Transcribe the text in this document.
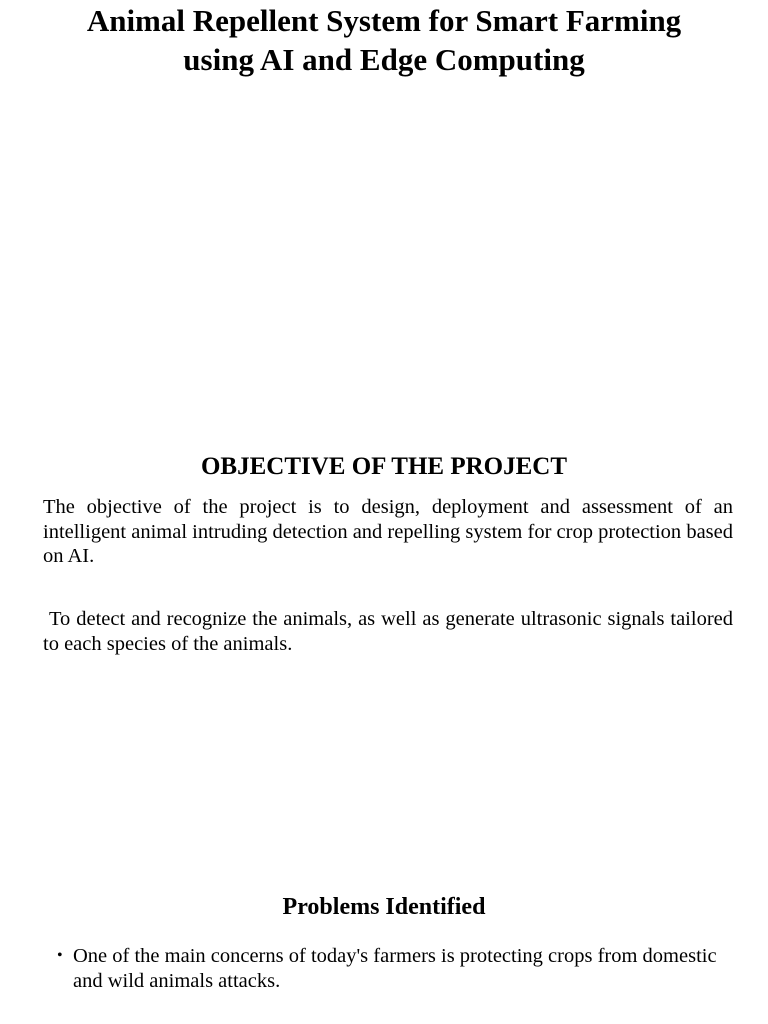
Animal Repellent System for Smart Farming using AI and Edge Computing
OBJECTIVE OF THE PROJECT

The objective of the project is to design, deployment and assessment of an intelligent animal intruding detection and repelling system for crop protection based on AI.

To detect and recognize the animals, as well as generate ultrasonic signals tailored to each species of the animals.

Problems Identified
• One of the main concerns of today's farmers is protecting crops from domestic and wild animals attacks.
